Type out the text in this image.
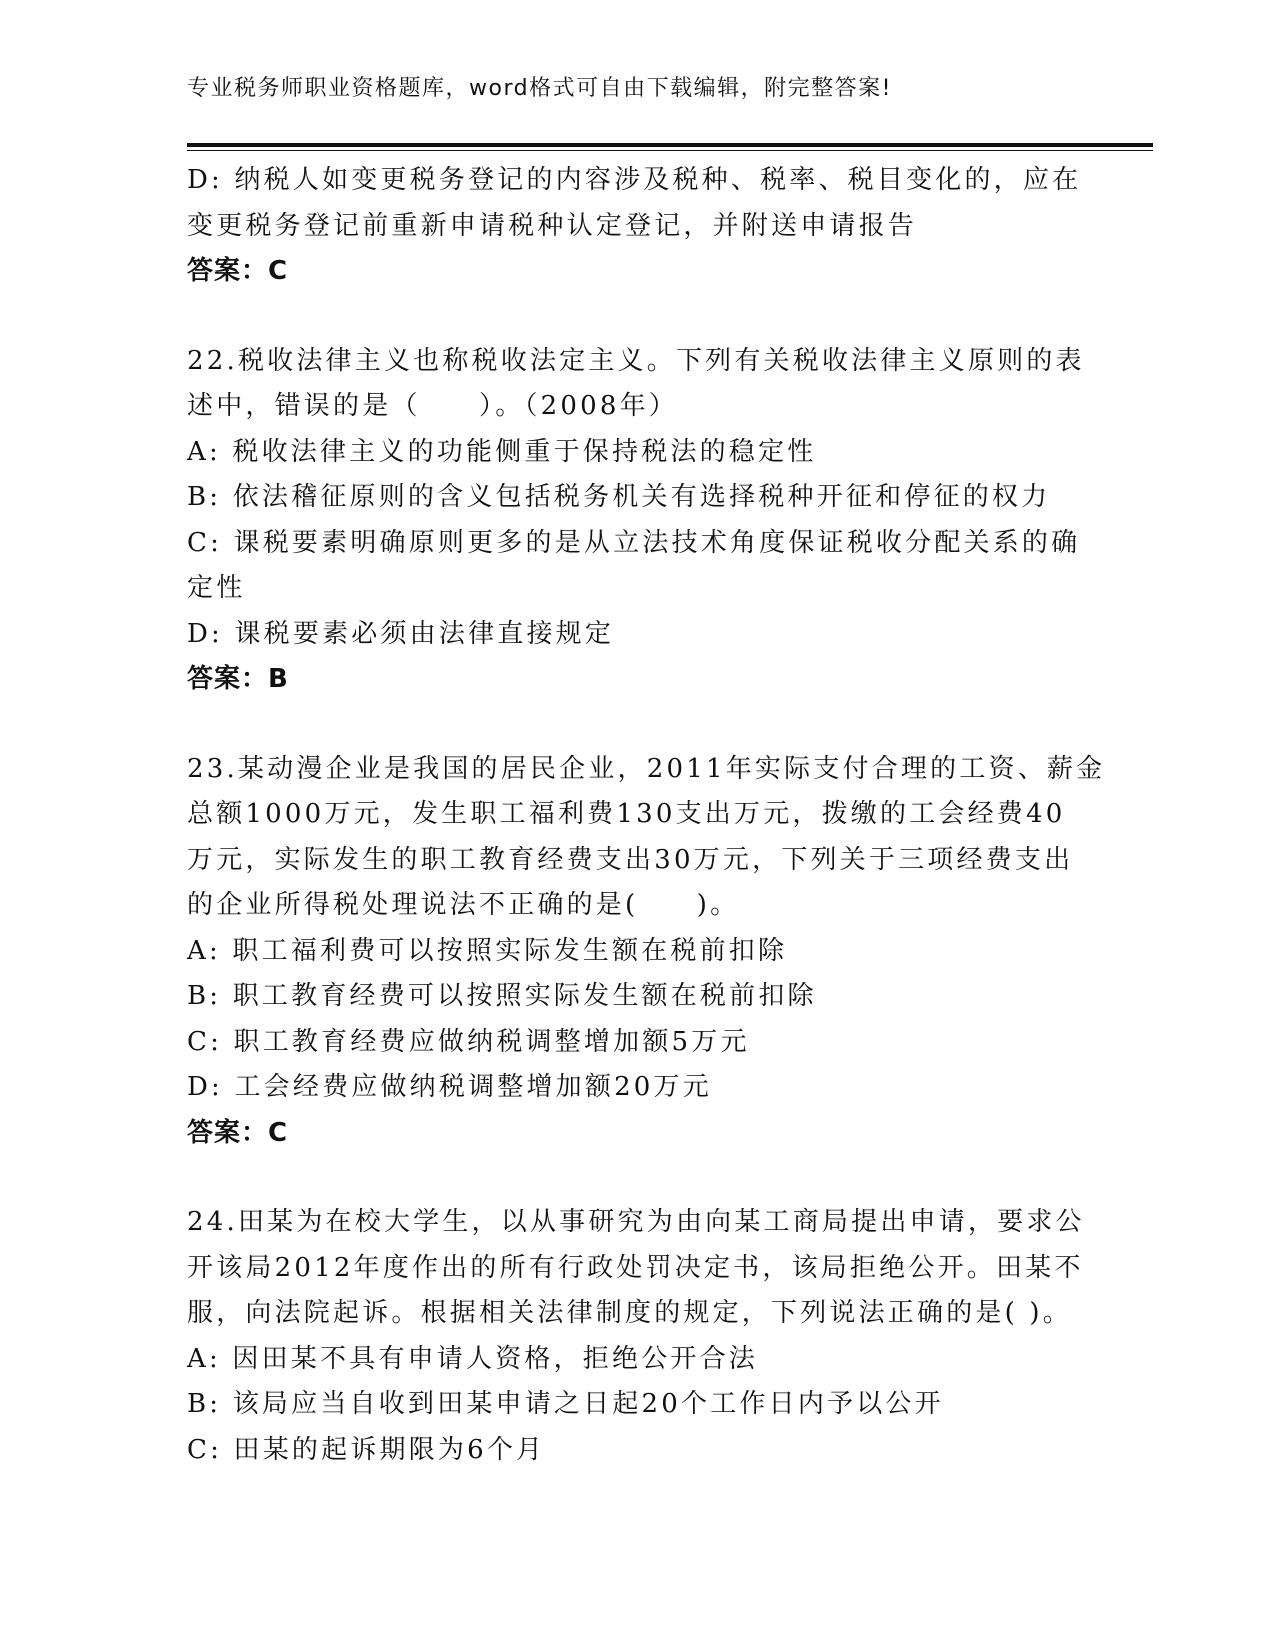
专业税务师职业资格题库，word格式可自由下载编辑，附完整答案!
D: 纳税人如变更税务登记的内容涉及税种、税率、税目变化的，应在
变更税务登记前重新申请税种认定登记，并附送申请报告
答案：C
22.税收法律主义也称税收法定主义。下列有关税收法律主义原则的表
述中，错误的是（　　）。（2008年）
A: 税收法律主义的功能侧重于保持税法的稳定性
B: 依法稽征原则的含义包括税务机关有选择税种开征和停征的权力
C: 课税要素明确原则更多的是从立法技术角度保证税收分配关系的确
定性
D: 课税要素必须由法律直接规定
答案：B
23.某动漫企业是我国的居民企业，2011年实际支付合理的工资、薪金
总额1000万元，发生职工福利费130支出万元，拨缴的工会经费40
万元，实际发生的职工教育经费支出30万元，下列关于三项经费支出
的企业所得税处理说法不正确的是(　　)。
A: 职工福利费可以按照实际发生额在税前扣除
B: 职工教育经费可以按照实际发生额在税前扣除
C: 职工教育经费应做纳税调整增加额5万元
D: 工会经费应做纳税调整增加额20万元
答案：C
24.田某为在校大学生，以从事研究为由向某工商局提出申请，要求公
开该局2012年度作出的所有行政处罚决定书，该局拒绝公开。田某不
服，向法院起诉。根据相关法律制度的规定，下列说法正确的是( )。
A: 因田某不具有申请人资格，拒绝公开合法
B: 该局应当自收到田某申请之日起20个工作日内予以公开
C: 田某的起诉期限为6个月
